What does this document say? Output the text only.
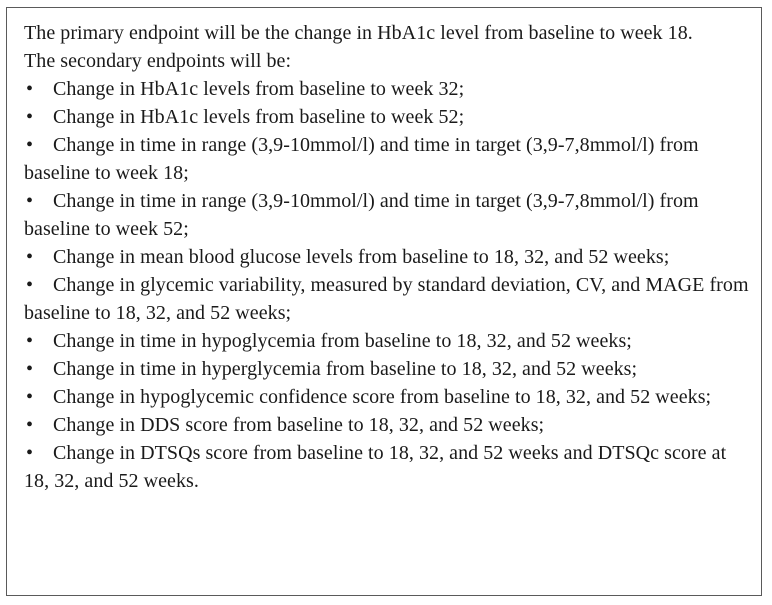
The primary endpoint will be the change in HbA1c level from baseline to week 18.

The secondary endpoints will be:

• Change in HbA1c levels from baseline to week 32;
• Change in HbA1c levels from baseline to week 52;
• Change in time in range (3,9-10mmol/l) and time in target (3,9-7,8mmol/l) from baseline to week 18;
• Change in time in range (3,9-10mmol/l) and time in target (3,9-7,8mmol/l) from baseline to week 52;
• Change in mean blood glucose levels from baseline to 18, 32, and 52 weeks;
• Change in glycemic variability, measured by standard deviation, CV, and MAGE from baseline to 18, 32, and 52 weeks;
• Change in time in hypoglycemia from baseline to 18, 32, and 52 weeks;
• Change in time in hyperglycemia from baseline to 18, 32, and 52 weeks;
• Change in hypoglycemic confidence score from baseline to 18, 32, and 52 weeks;
• Change in DDS score from baseline to 18, 32, and 52 weeks;
• Change in DTSQs score from baseline to 18, 32, and 52 weeks and DTSQc score at 18, 32, and 52 weeks.
